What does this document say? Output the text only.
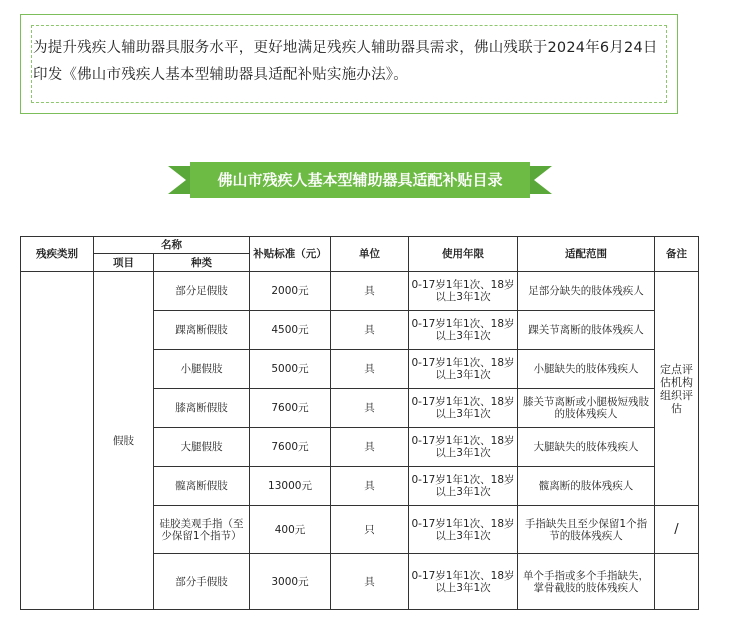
为提升残疾人辅助器具服务水平，更好地满足残疾人辅助器具需求，佛山残联于2024年6月24日印发《佛山市残疾人基本型辅助器具适配补贴实施办法》。
佛山市残疾人基本型辅助器具适配补贴目录
残疾类别	名称		补贴标准（元）	单位	使用年限	适配范围	备注
	项目	种类					
	假肢	部分足假肢	2000元	具	0-17岁1年1次、18岁以上3年1次	足部分缺失的肢体残疾人	定点评估机构组织评估
		踝离断假肢	4500元	具	0-17岁1年1次、18岁以上3年1次	踝关节离断的肢体残疾人	
		小腿假肢	5000元	具	0-17岁1年1次、18岁以上3年1次	小腿缺失的肢体残疾人	
		膝离断假肢	7600元	具	0-17岁1年1次、18岁以上3年1次	膝关节离断或小腿极短残肢的肢体残疾人	
		大腿假肢	7600元	具	0-17岁1年1次、18岁以上3年1次	大腿缺失的肢体残疾人	
		髋离断假肢	13000元	具	0-17岁1年1次、18岁以上3年1次	髋离断的肢体残疾人	
		硅胶美观手指（至少保留1个指节）	400元	只	0-17岁1年1次、18岁以上3年1次	手指缺失且至少保留1个指节的肢体残疾人	/
		部分手假肢	3000元	具	0-17岁1年1次、18岁以上3年1次	单个手指或多个手指缺失，掌骨截肢的肢体残疾人	
